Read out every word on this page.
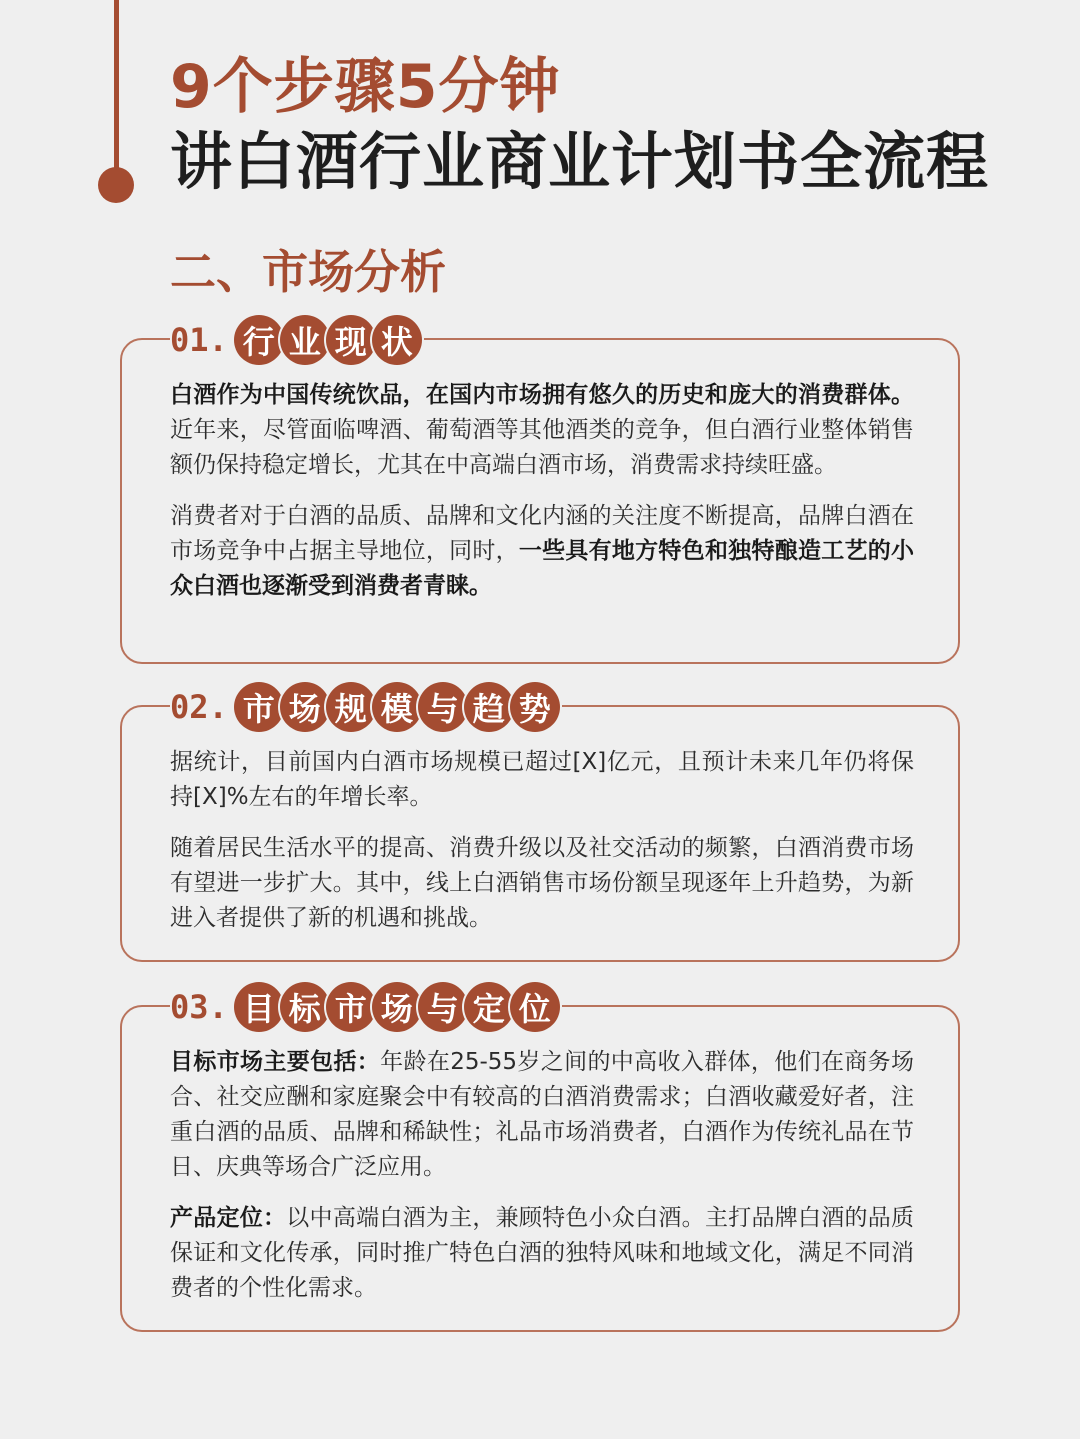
9个步骤5分钟
讲白酒行业商业计划书全流程
二、市场分析
01. 行 业 现 状

白酒作为中国传统饮品，在国内市场拥有悠久的历史和庞大的消费群体。近年来，尽管面临啤酒、葡萄酒等其他酒类的竞争，但白酒行业整体销售额仍保持稳定增长，尤其在中高端白酒市场，消费需求持续旺盛。

消费者对于白酒的品质、品牌和文化内涵的关注度不断提高，品牌白酒在市场竞争中占据主导地位，同时，一些具有地方特色和独特酿造工艺的小众白酒也逐渐受到消费者青睐。

02. 市 场 规 模 与 趋 势

据统计，目前国内白酒市场规模已超过[X]亿元，且预计未来几年仍将保持[X]%左右的年增长率。

随着居民生活水平的提高、消费升级以及社交活动的频繁，白酒消费市场有望进一步扩大。其中，线上白酒销售市场份额呈现逐年上升趋势，为新进入者提供了新的机遇和挑战。

03. 目 标 市 场 与 定 位

目标市场主要包括：年龄在25-55岁之间的中高收入群体，他们在商务场合、社交应酬和家庭聚会中有较高的白酒消费需求；白酒收藏爱好者，注重白酒的品质、品牌和稀缺性；礼品市场消费者，白酒作为传统礼品在节日、庆典等场合广泛应用。

产品定位：以中高端白酒为主，兼顾特色小众白酒。主打品牌白酒的品质保证和文化传承，同时推广特色白酒的独特风味和地域文化，满足不同消费者的个性化需求。
